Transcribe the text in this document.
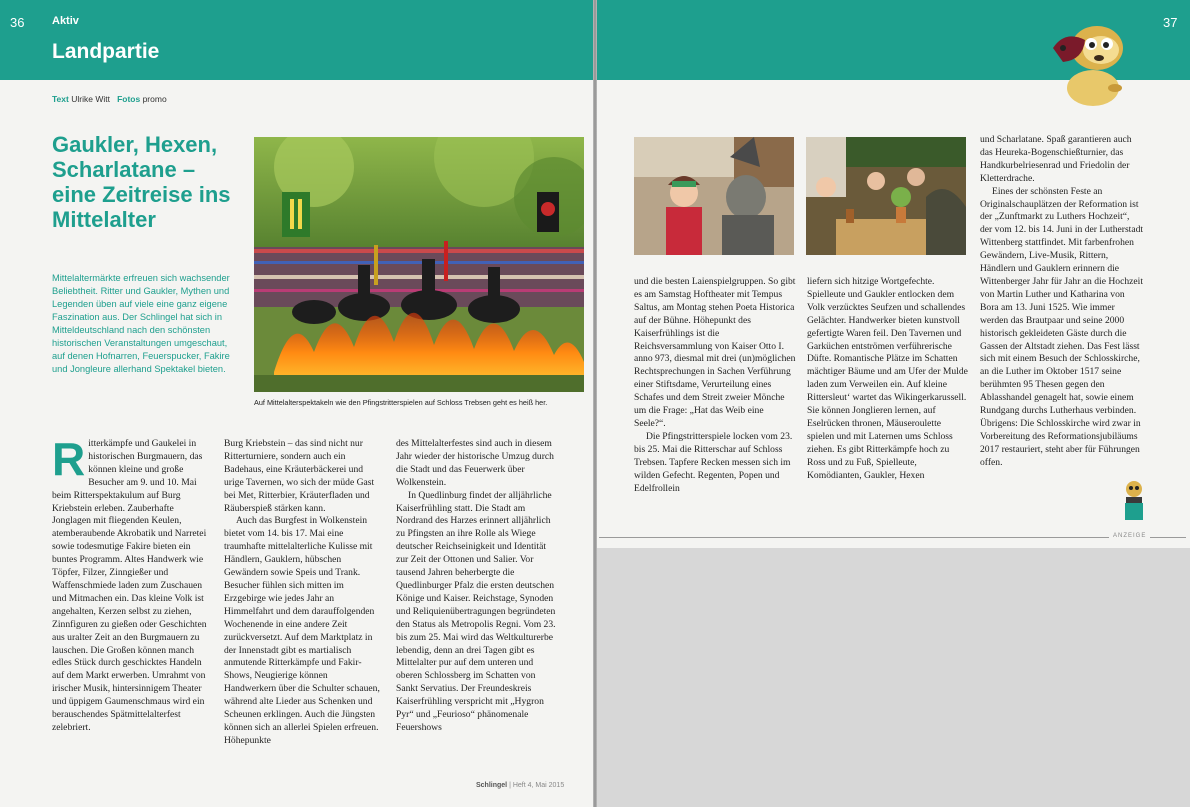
36	Aktiv
Landpartie
Text Ulrike Witt Fotos promo
Gaukler, Hexen, Scharlatane – eine Zeitreise ins Mittelalter
Mittelaltermärkte erfreuen sich wachsender Beliebtheit. Ritter und Gaukler, Mythen und Legenden üben auf viele eine ganz eigene Faszination aus. Der Schlingel hat sich in Mitteldeutschland nach den schönsten historischen Veranstaltungen umgeschaut, auf denen Hofnarren, Feuerspucker, Fakire und Jongleure allerhand Spektakel bieten.
Auf Mittelalterspektakeln wie den Pfingstritterspielen auf Schloss Trebsen geht es heiß her.

Ritterkämpfe und Gaukelei in historischen Burgmauern, das können kleine und große Besucher am 9. und 10. Mai beim Ritterspektakulum auf Burg Kriebstein erleben. Zauberhafte Jonglagen mit fliegenden Keulen, atemberaubende Akrobatik und Narretei sowie todesmutige Fakire bieten ein buntes Programm. Altes Handwerk wie Töpfer, Filzer, Zinngießer und Waffenschmiede laden zum Zuschauen und Mitmachen ein. Das kleine Volk ist angehalten, Kerzen selbst zu ziehen, Zinnfiguren zu gießen oder Geschichten aus uralter Zeit an den Burgmauern zu lauschen. Die Großen können manch edles Stück durch geschicktes Handeln auf dem Markt erwerben. Umrahmt von irischer Musik, hintersinnigem Theater und üppigem Gaumenschmaus wird ein berauschendes Spätmittelalterfest zelebriert.

Burg Kriebstein – das sind nicht nur Ritterturniere, sondern auch ein Badehaus, eine Kräuterbäckerei und urige Tavernen, wo sich der müde Gast bei Met, Ritterbier, Kräuterfladen und Räuberspieß stärken kann.

Auch das Burgfest in Wolkenstein bietet vom 14. bis 17. Mai eine traumhafte mittelalterliche Kulisse mit Händlern, Gauklern, hübschen Gewändern sowie Speis und Trank. Besucher fühlen sich mitten im Erzgebirge wie jedes Jahr an Himmelfahrt und dem darauffolgenden Wochenende in eine andere Zeit zurückversetzt. Auf dem Marktplatz in der Innenstadt gibt es martialisch anmutende Ritterkämpfe und Fakir-Shows, Neugierige können Handwerkern über die Schulter schauen, während alte Lieder aus Schenken und Scheunen erklingen. Auch die Jüngsten können sich an allerlei Spielen erfreuen. Höhepunkte

des Mittelalterfestes sind auch in diesem Jahr wieder der historische Umzug durch die Stadt und das Feuerwerk über Wolkenstein.

In Quedlinburg findet der alljährliche Kaiserfrühling statt. Die Stadt am Nordrand des Harzes erinnert alljährlich zu Pfingsten an ihre Rolle als Wiege deutscher Reichseinigkeit und Identität zur Zeit der Ottonen und Salier. Vor tausend Jahren beherbergte die Quedlinburger Pfalz die ersten deutschen Könige und Kaiser. Reichstage, Synoden und Reliquienübertragungen begründeten den Status als Metropolis Regni. Vom 23. bis zum 25. Mai wird das Weltkulturerbe lebendig, denn an drei Tagen gibt es Mittelalter pur auf dem unteren und oberen Schlossberg im Schatten von Sankt Servatius. Der Freundeskreis Kaiserfrühling verspricht mit „Hygron Pyr“ und „Feurioso“ phänomenale Feuershows

Schlingel | Heft 4, Mai 2015
37

und die besten Laienspielgruppen. So gibt es am Samstag Hoftheater mit Tempus Saltus, am Montag stehen Poeta Historica auf der Bühne. Höhepunkt des Kaiserfrühlings ist die Reichsversammlung von Kaiser Otto I. anno 973, diesmal mit drei (un)möglichen Rechtsprechungen in Sachen Verführung einer Stiftsdame, Verurteilung eines Schafes und dem Streit zweier Mönche um die Frage: „Hat das Weib eine Seele?“.

Die Pfingstritterspiele locken vom 23. bis 25. Mai die Ritterschar auf Schloss Trebsen. Tapfere Recken messen sich im wilden Gefecht. Regenten, Popen und Edelfrollein

liefern sich hitzige Wortgefechte. Spielleute und Gaukler entlocken dem Volk verzücktes Seufzen und schallendes Gelächter. Handwerker bieten kunstvoll gefertigte Waren feil. Den Tavernen und Garküchen entströmen verführerische Düfte. Romantische Plätze im Schatten mächtiger Bäume und am Ufer der Mulde laden zum Verweilen ein. Auf kleine Rittersleut‘ wartet das Wikingerkarussell. Sie können Jonglieren lernen, auf Eselrücken thronen, Mäuseroulette spielen und mit Laternen ums Schloss ziehen. Es gibt Ritterkämpfe hoch zu Ross und zu Fuß, Spielleute, Komödianten, Gaukler, Hexen

und Scharlatane. Spaß garantieren auch das Heureka-Bogenschießturnier, das Handkurbelriesenrad und Friedolin der Kletterdrache.

Eines der schönsten Feste an Originalschauplätzen der Reformation ist der „Zunftmarkt zu Luthers Hochzeit“, der vom 12. bis 14. Juni in der Lutherstadt Wittenberg stattfindet. Mit farbenfrohen Gewändern, Live-Musik, Rittern, Händlern und Gauklern erinnern die Wittenberger Jahr für Jahr an die Hochzeit von Martin Luther und Katharina von Bora am 13. Juni 1525. Wie immer werden das Brautpaar und seine 2000 historisch gekleideten Gäste durch die Gassen der Altstadt ziehen. Das Fest lässt sich mit einem Besuch der Schlosskirche, an die Luther im Oktober 1517 seine berühmten 95 Thesen gegen den Ablasshandel genagelt hat, sowie einem Rundgang durchs Lutherhaus verbinden. Übrigens: Die Schlosskirche wird zwar in Vorbereitung des Reformationsjubiläums 2017 restauriert, steht aber für Führungen offen.

ANZEIGE
